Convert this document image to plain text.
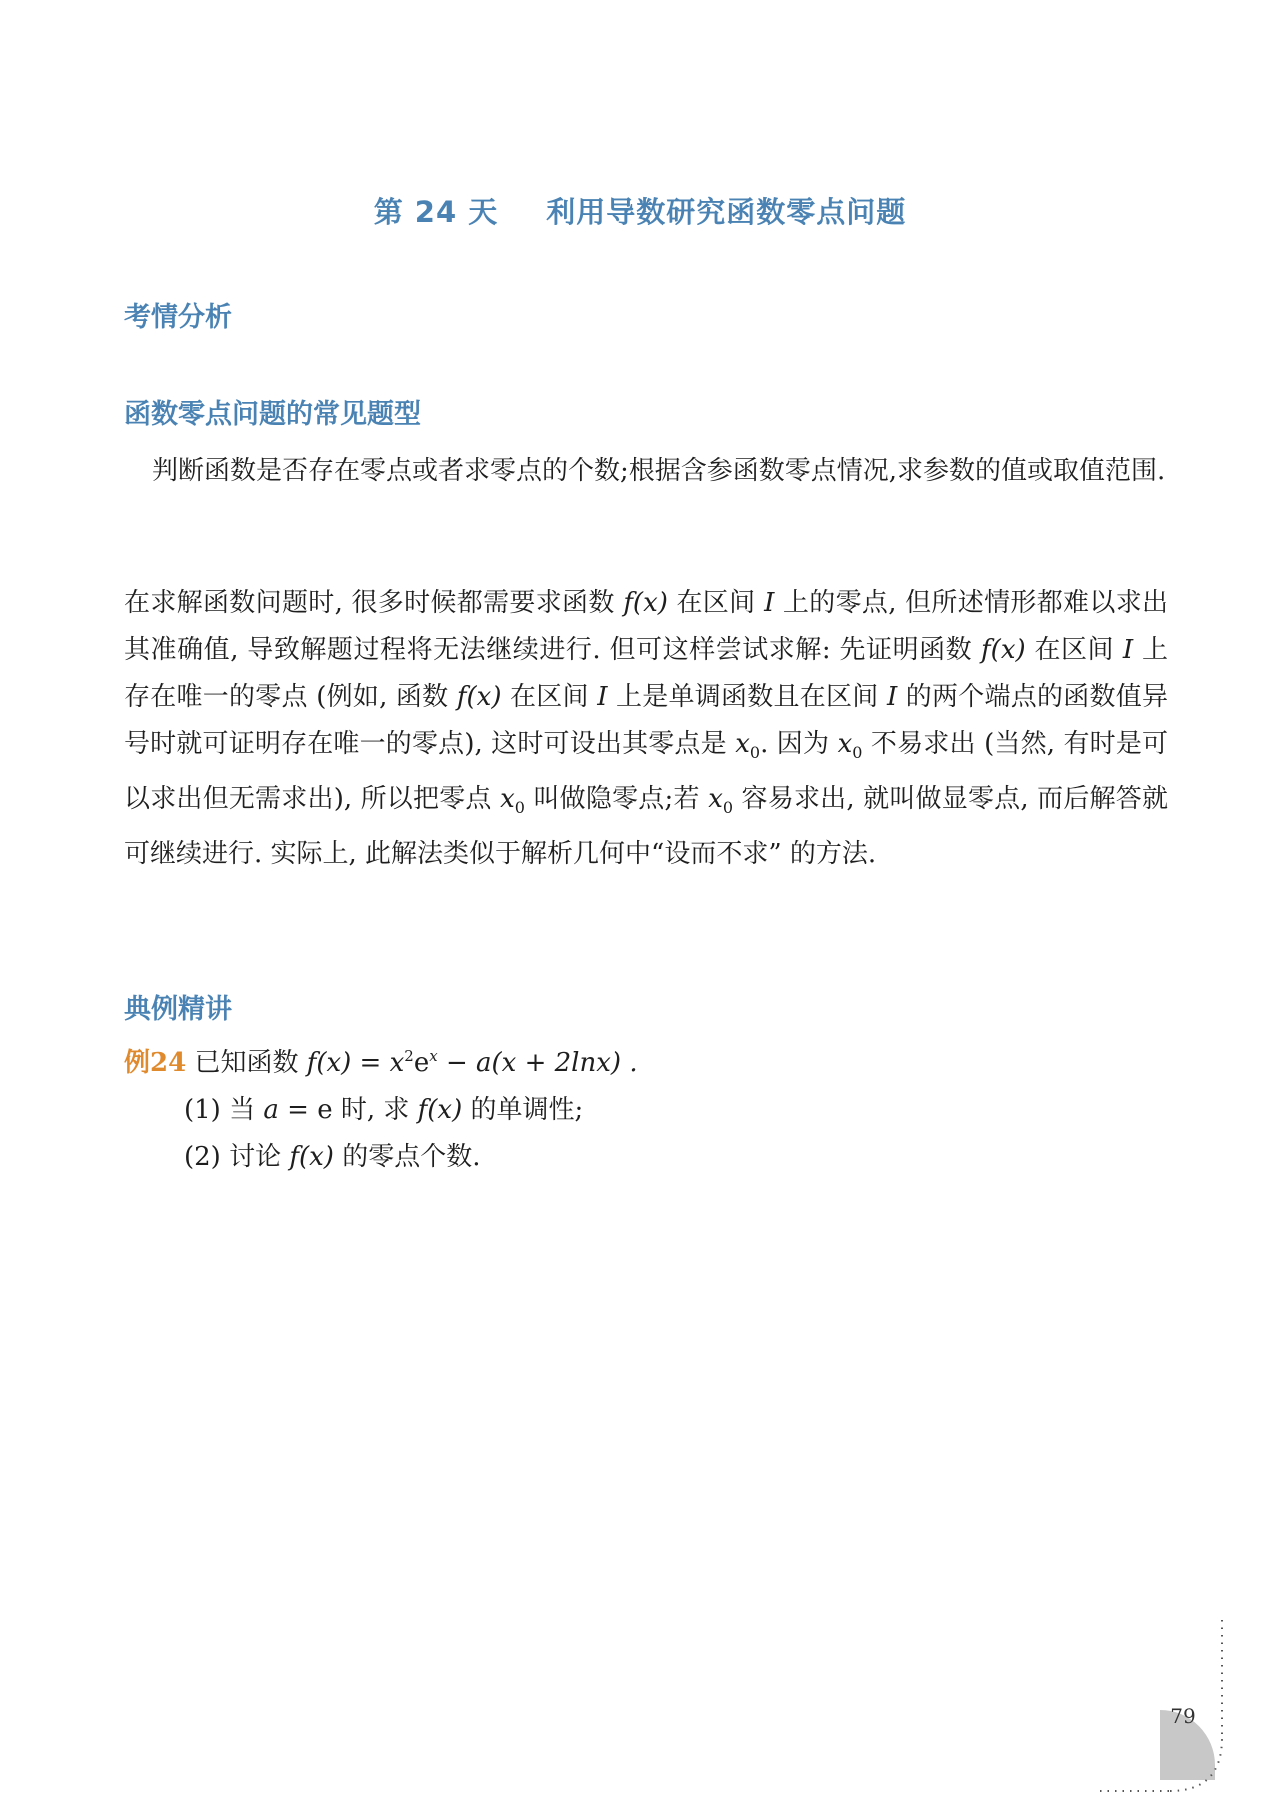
第 24 天 利用导数研究函数零点问题
考情分析
函数零点问题的常见题型
判断函数是否存在零点或者求零点的个数;根据含参函数零点情况,求参数的值或取值范围.
在求解函数问题时, 很多时候都需要求函数 f(x) 在区间 I 上的零点, 但所述情形都难以求出其准确值, 导致解题过程将无法继续进行. 但可这样尝试求解: 先证明函数 f(x) 在区间 I 上存在唯一的零点 (例如, 函数 f(x) 在区间 I 上是单调函数且在区间 I 的两个端点的函数值异号时就可证明存在唯一的零点), 这时可设出其零点是 $x_0$. 因为 $x_0$ 不易求出 (当然, 有时是可以求出但无需求出), 所以把零点 $x_0$ 叫做隐零点;若 $x_0$ 容易求出, 就叫做显零点, 而后解答就可继续进行. 实际上, 此解法类似于解析几何中“设而不求” 的方法.
典例精讲
例24 已知函数 $f(x) = x^2e^x - a(x + 2\ln x)$ .
(1) 当 a = e 时, 求 f(x) 的单调性;
(2) 讨论 f(x) 的零点个数.
79
